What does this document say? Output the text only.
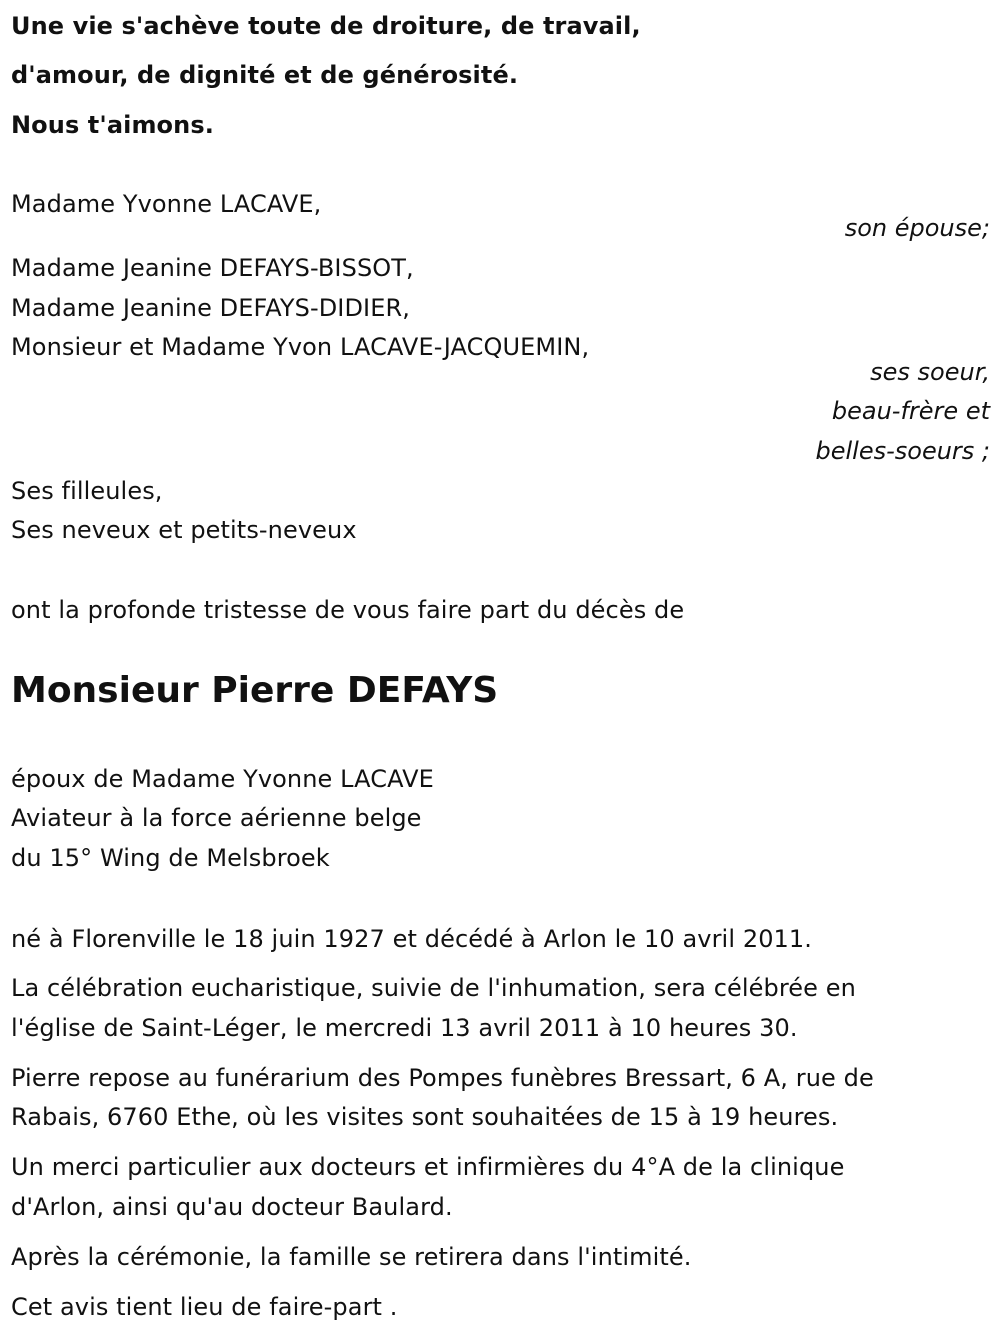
Une vie s'achève toute de droiture, de travail,
d'amour, de dignité et de générosité.
Nous t'aimons.
Madame Yvonne LACAVE,
son épouse;
Madame Jeanine DEFAYS-BISSOT,
Madame Jeanine DEFAYS-DIDIER,
Monsieur et Madame Yvon LACAVE-JACQUEMIN,
ses soeur,
beau-frère et
belles-soeurs ;
Ses filleules,
Ses neveux et petits-neveux
ont la profonde tristesse de vous faire part du décès de
Monsieur Pierre DEFAYS
époux de Madame Yvonne LACAVE
Aviateur à la force aérienne belge
du 15° Wing de Melsbroek
né à Florenville le 18 juin 1927 et décédé à Arlon le 10 avril 2011.
La célébration eucharistique, suivie de l'inhumation, sera célébrée en
l'église de Saint-Léger, le mercredi 13 avril 2011 à 10 heures 30.
Pierre repose au funérarium des Pompes funèbres Bressart, 6 A, rue de
Rabais, 6760 Ethe, où les visites sont souhaitées de 15 à 19 heures.
Un merci particulier aux docteurs et infirmières du 4°A de la clinique
d'Arlon, ainsi qu'au docteur Baulard.
Après la cérémonie, la famille se retirera dans l'intimité.
Cet avis tient lieu de faire-part .
